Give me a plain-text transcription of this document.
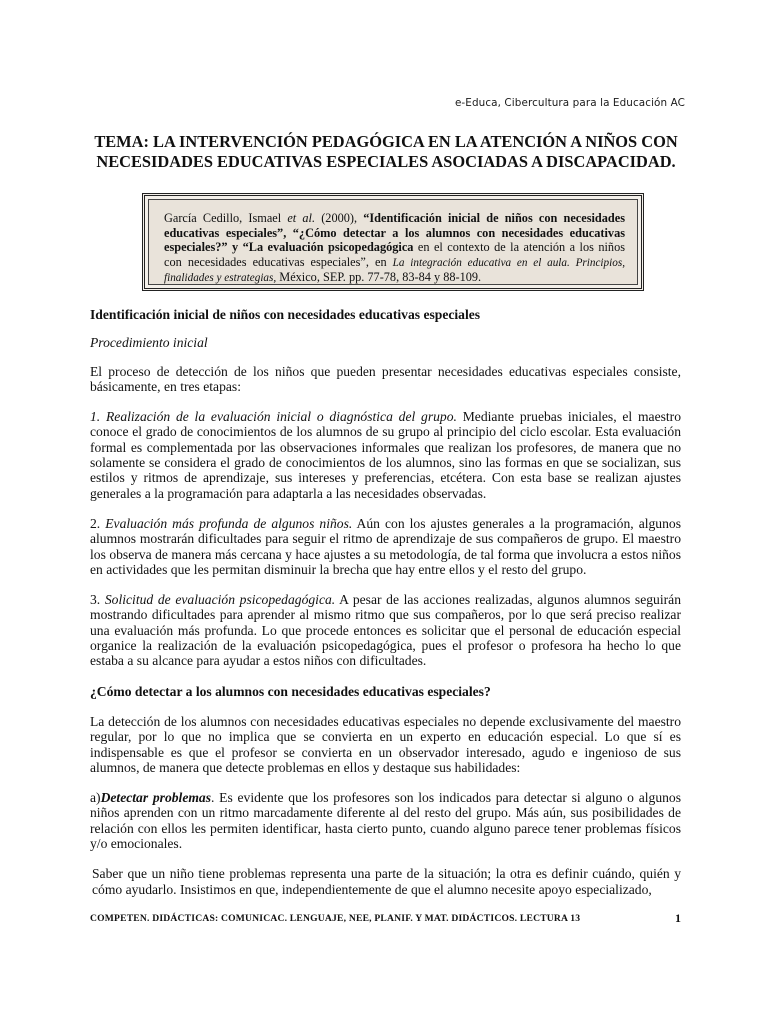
e-Educa, Cibercultura para la Educación AC
TEMA: LA INTERVENCIÓN PEDAGÓGICA EN LA ATENCIÓN A NIÑOS CON NECESIDADES EDUCATIVAS ESPECIALES ASOCIADAS A DISCAPACIDAD.
García Cedillo, Ismael et al. (2000), “Identificación inicial de niños con necesidades educativas especiales”, “¿Cómo detectar a los alumnos con necesidades educativas especiales?” y “La evaluación psicopedagógica en el contexto de la atención a los niños con necesidades educativas especiales”, en La integración educativa en el aula. Principios, finalidades y estrategias, México, SEP. pp. 77-78, 83-84 y 88-109.

Identificación inicial de niños con necesidades educativas especiales

Procedimiento inicial

El proceso de detección de los niños que pueden presentar necesidades educativas especiales consiste, básicamente, en tres etapas:

1. Realización de la evaluación inicial o diagnóstica del grupo. Mediante pruebas iniciales, el maestro conoce el grado de conocimientos de los alumnos de su grupo al principio del ciclo escolar. Esta evaluación formal es complementada por las observaciones informales que realizan los profesores, de manera que no solamente se considera el grado de conocimientos de los alumnos, sino las formas en que se socializan, sus estilos y ritmos de aprendizaje, sus intereses y preferencias, etcétera. Con esta base se realizan ajustes generales a la programación para adaptarla a las necesidades observadas.

2. Evaluación más profunda de algunos niños. Aún con los ajustes generales a la programación, algunos alumnos mostrarán dificultades para seguir el ritmo de aprendizaje de sus compañeros de grupo. El maestro los observa de manera más cercana y hace ajustes a su metodología, de tal forma que involucra a estos niños en actividades que les permitan disminuir la brecha que hay entre ellos y el resto del grupo.

3. Solicitud de evaluación psicopedagógica. A pesar de las acciones realizadas, algunos alumnos seguirán mostrando dificultades para aprender al mismo ritmo que sus compañeros, por lo que será preciso realizar una evaluación más profunda. Lo que procede entonces es solicitar que el personal de educación especial organice la realización de la evaluación psicopedagógica, pues el profesor o profesora ha hecho lo que estaba a su alcance para ayudar a estos niños con dificultades.

¿Cómo detectar a los alumnos con necesidades educativas especiales?

La detección de los alumnos con necesidades educativas especiales no depende exclusivamente del maestro regular, por lo que no implica que se convierta en un experto en educación especial. Lo que sí es indispensable es que el profesor se convierta en un observador interesado, agudo e ingenioso de sus alumnos, de manera que detecte problemas en ellos y destaque sus habilidades:

a)Detectar problemas. Es evidente que los profesores son los indicados para detectar si alguno o algunos niños aprenden con un ritmo marcadamente diferente al del resto del grupo. Más aún, sus posibilidades de relación con ellos les permiten identificar, hasta cierto punto, cuando alguno parece tener problemas físicos y/o emocionales.

Saber que un niño tiene problemas representa una parte de la situación; la otra es definir cuándo, quién y cómo ayudarlo. Insistimos en que, independientemente de que el alumno necesite apoyo especializado,

COMPETEN. DIDÁCTICAS: COMUNICAC. LENGUAJE, NEE, PLANIF. Y MAT. DIDÁCTICOS. LECTURA 13	1
